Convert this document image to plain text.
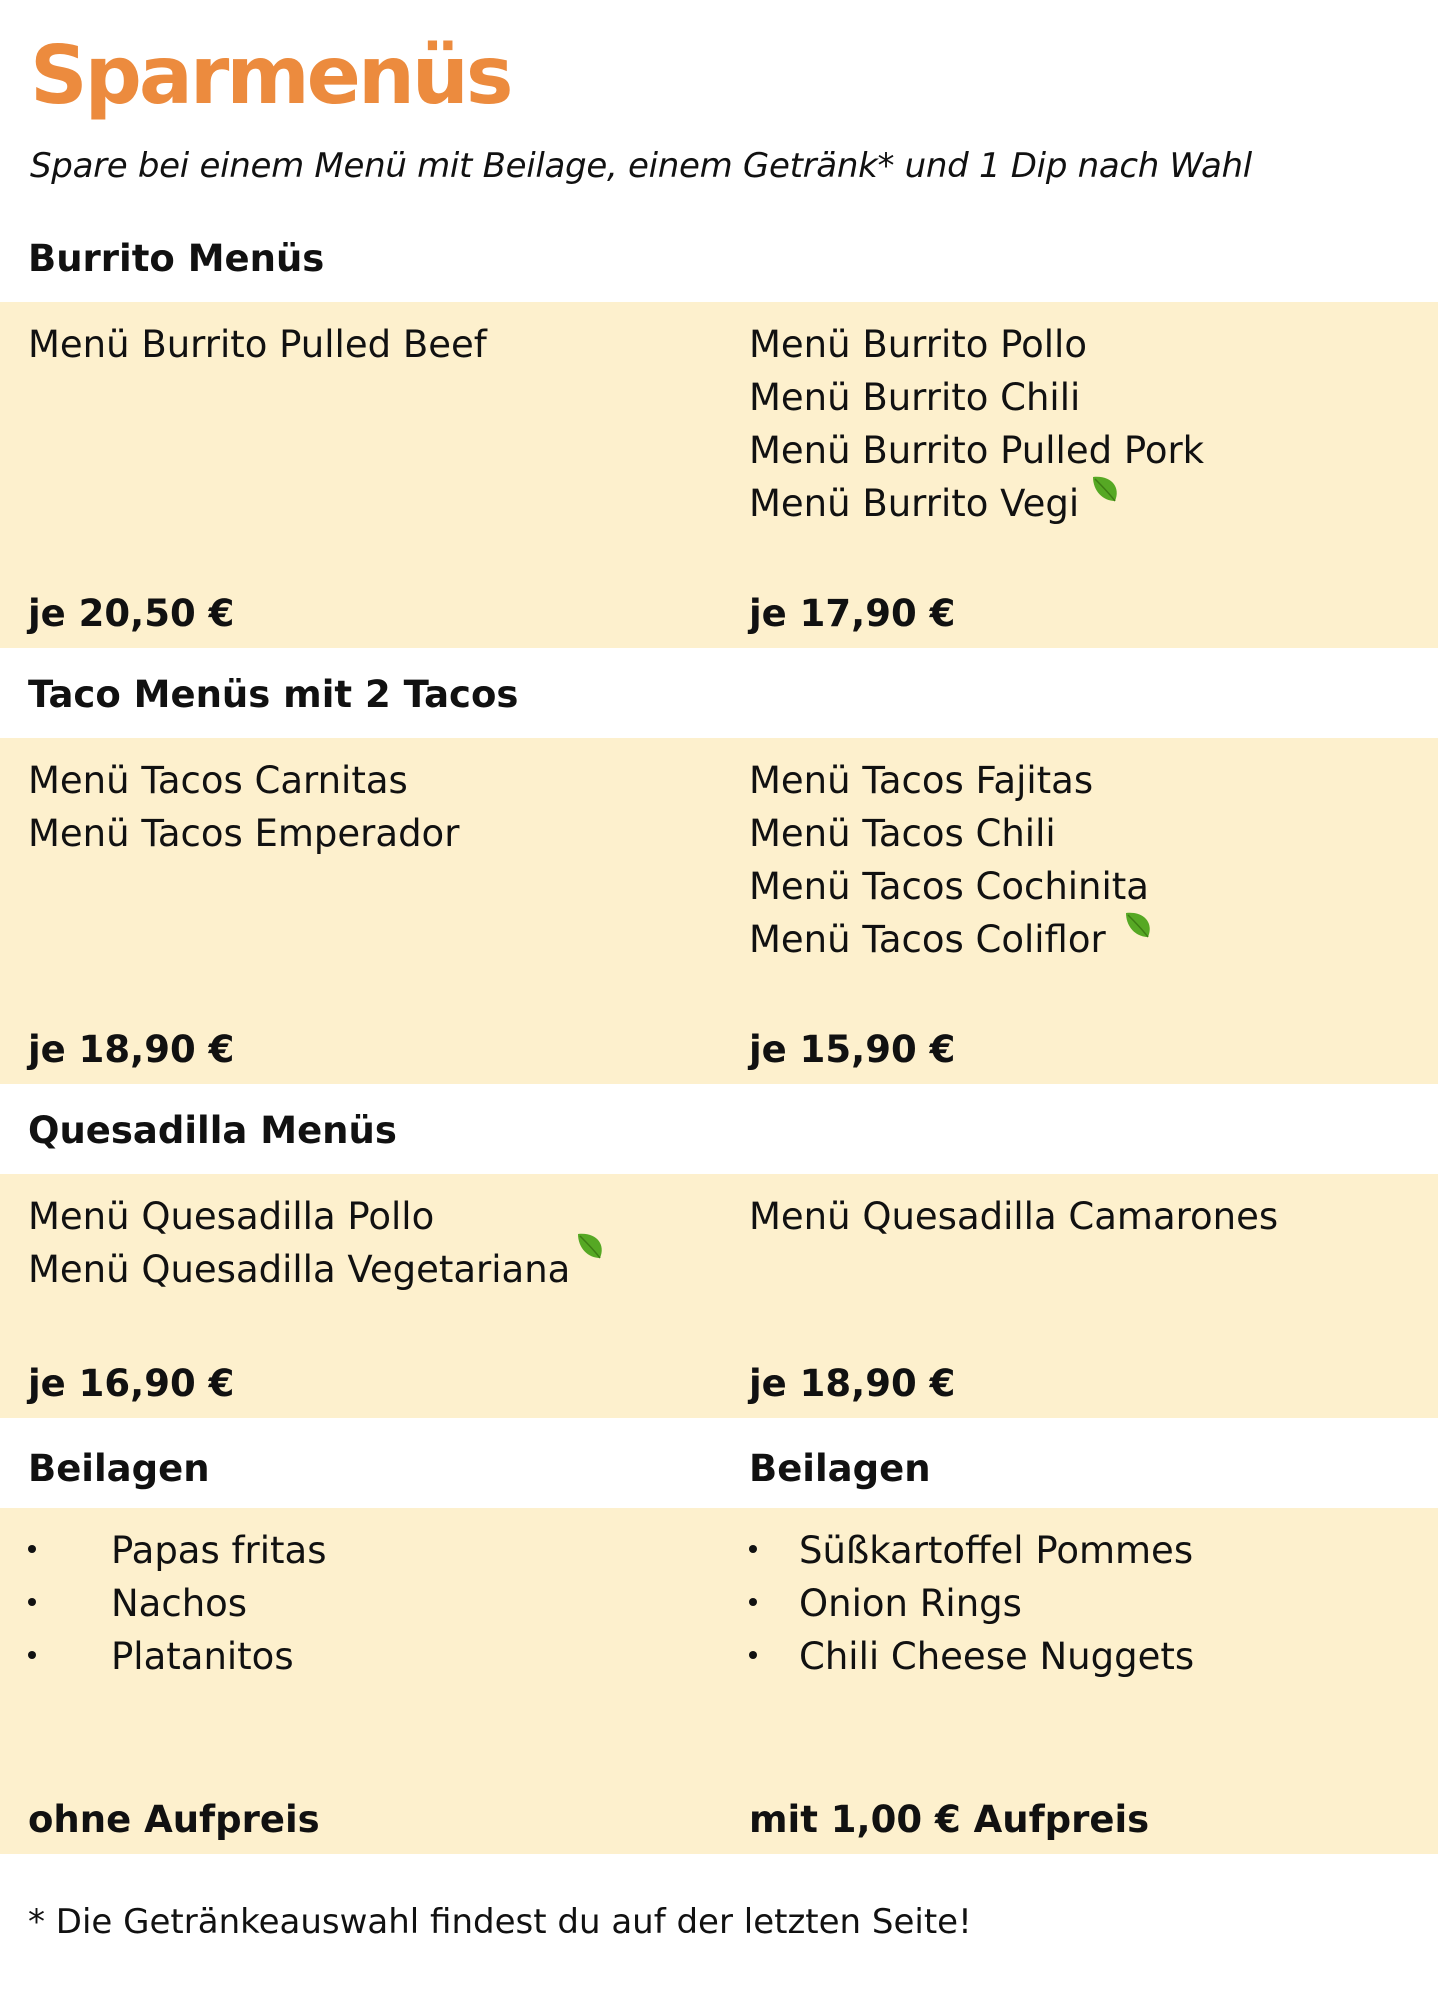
Sparmenüs

Spare bei einem Menü mit Beilage, einem Getränk* und 1 Dip nach Wahl

Burrito Menüs
Menü Burrito Pulled Beef
je 20,50 €
Menü Burrito Pollo
Menü Burrito Chili
Menü Burrito Pulled Pork
Menü Burrito Vegi
je 17,90 €
Taco Menüs mit 2 Tacos
Menü Tacos Carnitas
Menü Tacos Emperador
je 18,90 €
Menü Tacos Fajitas
Menü Tacos Chili
Menü Tacos Cochinita
Menü Tacos Coliflor
je 15,90 €
Quesadilla Menüs
Menü Quesadilla Pollo
Menü Quesadilla Vegetariana
je 16,90 €
Menü Quesadilla Camarones
je 18,90 €
Beilagen	Beilagen
Papas fritas
Nachos
Platanitos
ohne Aufpreis
Süßkartoffel Pommes
Onion Rings
Chili Cheese Nuggets
mit 1,00 € Aufpreis

* Die Getränkeauswahl findest du auf der letzten Seite!
